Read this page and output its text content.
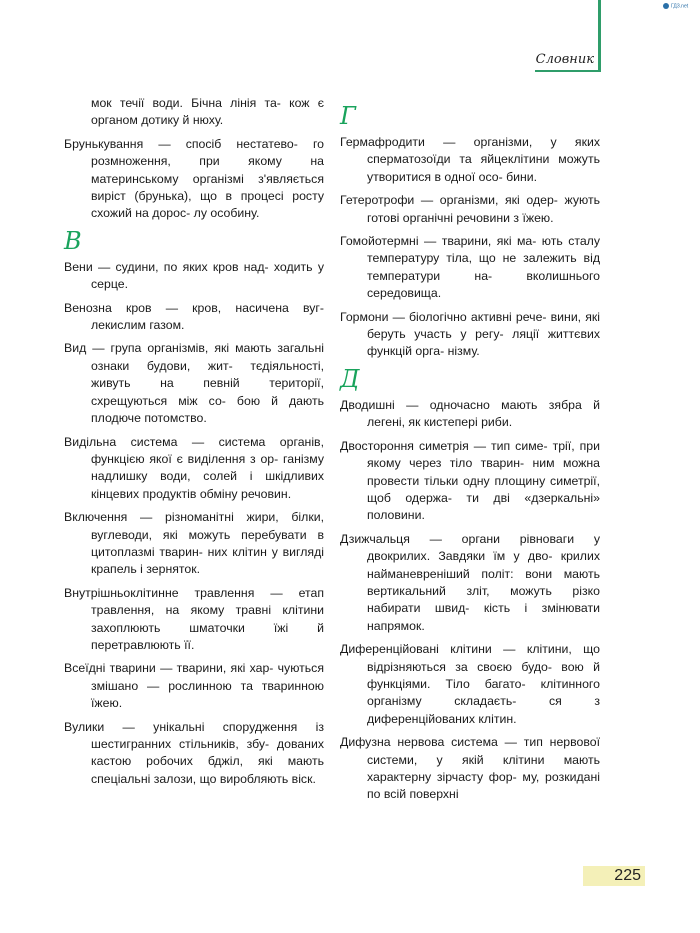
ГДЗ.net
Словник

мок течії води. Бічна лінія та- кож є органом дотику й нюху.

Брунькування — спосіб нестатево- го розмноження, при якому на материнському організмі з'являється виріст (брунька), що в процесі росту схожий на дорос- лу особину.

В

Вени — судини, по яких кров над- ходить у серце.

Венозна кров — кров, насичена вуг- лекислим газом.

Вид — група організмів, які мають загальні ознаки будови, жит- тєдіяльності, живуть на певній території, схрещуються між со- бою й дають плодюче потомство.

Видільна система — система органів, функцією якої є виділення з ор- ганізму надлишку води, солей і шкідливих кінцевих продуктів обміну речовин.

Включення — різноманітні жири, білки, вуглеводи, які можуть перебувати в цитоплазмі тварин- них клітин у вигляді крапель і зерняток.

Внутрішньоклітинне травлення — етап травлення, на якому травні клітини захоплюють шматочки їжі й перетравлюють її.

Всеїдні тварини — тварини, які хар- чуються змішано — рослинною та тваринною їжею.

Вулики — унікальні спорудження із шестигранних стільників, збу- дованих кастою робочих бджіл, які мають спеціальні залози, що виробляють віск.

Г

Гермафродити — організми, у яких сперматозоїди та яйцеклітини можуть утворитися в одної осо- бини.

Гетеротрофи — організми, які одер- жують готові органічні речовини з їжею.

Гомойотермні — тварини, які ма- ють сталу температуру тіла, що не залежить від температури на- вколишнього середовища.

Гормони — біологічно активні рече- вини, які беруть участь у регу- ляції життєвих функцій орга- нізму.

Д

Дводишні — одночасно мають зябра й легені, як кистепері риби.

Двостороння симетрія — тип симе- трії, при якому через тіло тварин- ним можна провести тільки одну площину симетрії, щоб одержа- ти дві «дзеркальні» половини.

Дзижчальця — органи рівноваги у двокрилих. Завдяки їм у дво- крилих найманевреніший політ: вони мають вертикальний зліт, можуть різко набирати швид- кість і змінювати напрямок.

Диференційовані клітини — клітини, що відрізняються за своєю будо- вою й функціями. Тіло багато- клітинного організму складаєть- ся з диференційованих клітин.

Дифузна нервова система — тип нервової системи, у якій клітини мають характерну зірчасту фор- му, розкидані по всій поверхні

225
